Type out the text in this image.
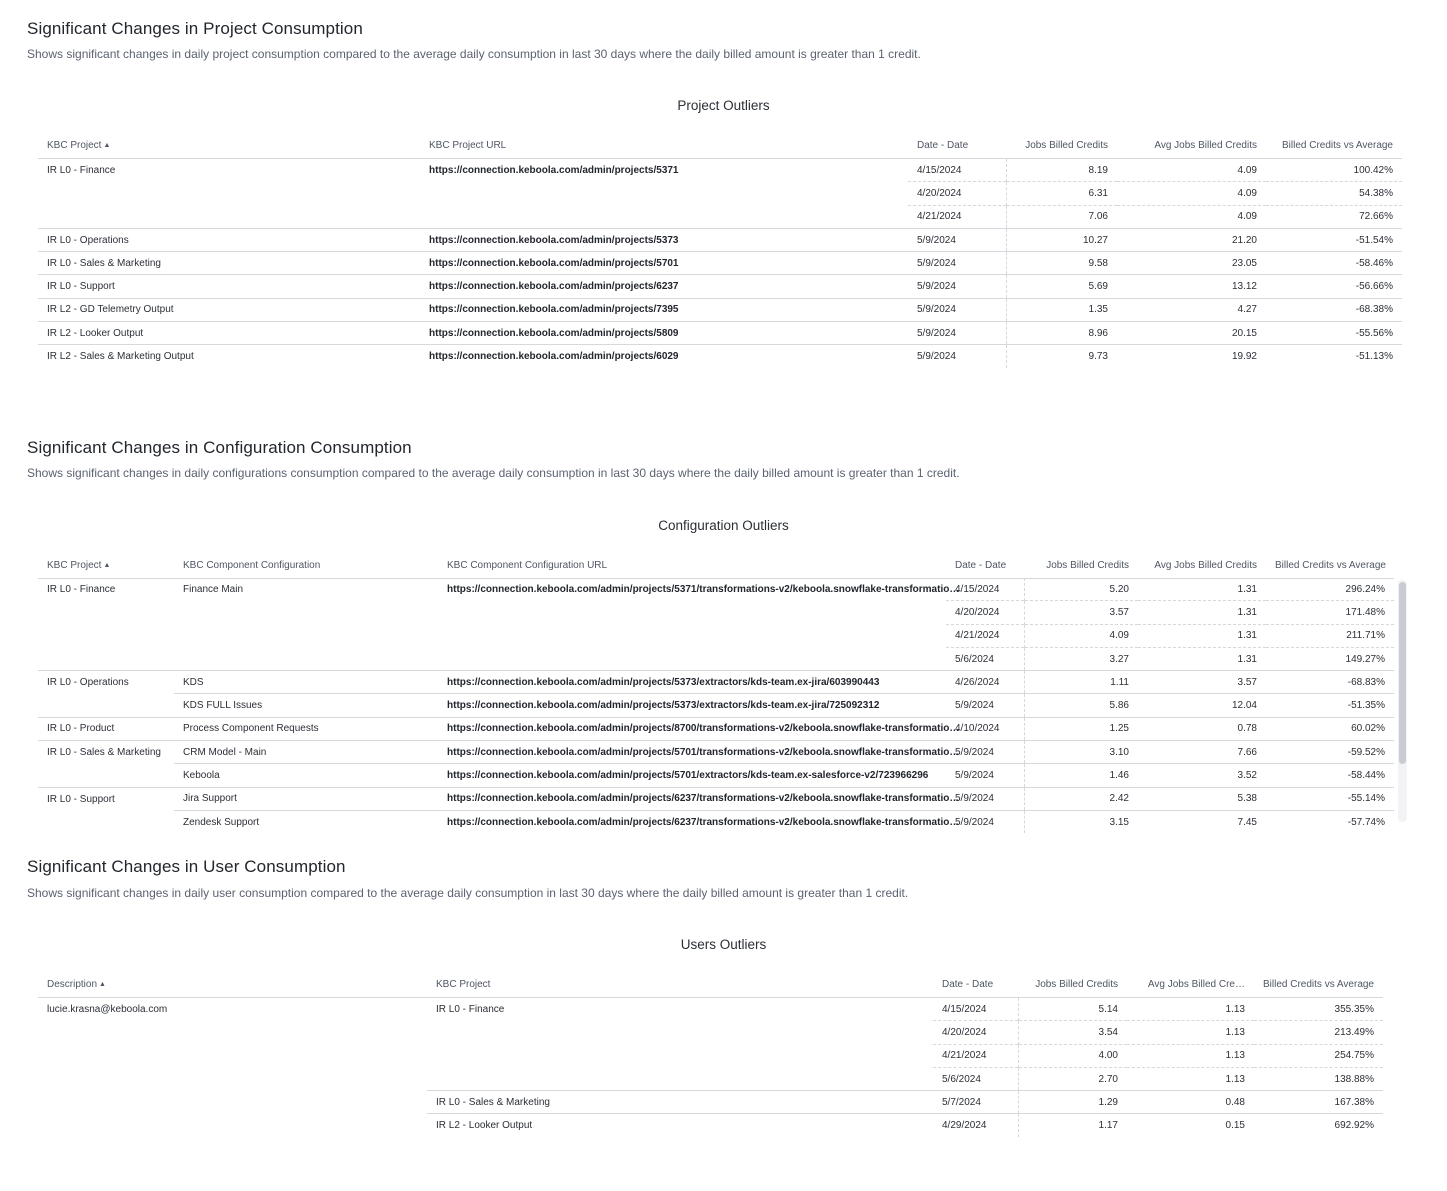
Significant Changes in Project Consumption

Shows significant changes in daily project consumption compared to the average daily consumption in last 30 days where the daily billed amount is greater than 1 credit.

Project Outliers
KBC Project ▲	KBC Project URL	Date - Date	Jobs Billed Credits	Avg Jobs Billed Credits	Billed Credits vs Average
IR L0 - Finance	https://connection.keboola.com/admin/projects/5371	4/15/2024	8.19	4.09	100.42%
		4/20/2024	6.31	4.09	54.38%
		4/21/2024	7.06	4.09	72.66%
IR L0 - Operations	https://connection.keboola.com/admin/projects/5373	5/9/2024	10.27	21.20	-51.54%
IR L0 - Sales & Marketing	https://connection.keboola.com/admin/projects/5701	5/9/2024	9.58	23.05	-58.46%
IR L0 - Support	https://connection.keboola.com/admin/projects/6237	5/9/2024	5.69	13.12	-56.66%
IR L2 - GD Telemetry Output	https://connection.keboola.com/admin/projects/7395	5/9/2024	1.35	4.27	-68.38%
IR L2 - Looker Output	https://connection.keboola.com/admin/projects/5809	5/9/2024	8.96	20.15	-55.56%
IR L2 - Sales & Marketing Output	https://connection.keboola.com/admin/projects/6029	5/9/2024	9.73	19.92	-51.13%
Significant Changes in Configuration Consumption

Shows significant changes in daily configurations consumption compared to the average daily consumption in last 30 days where the daily billed amount is greater than 1 credit.

Configuration Outliers
KBC Project ▲	KBC Component Configuration	KBC Component Configuration URL	Date - Date	Jobs Billed Credits	Avg Jobs Billed Credits	Billed Credits vs Average
IR L0 - Finance	Finance Main	https://connection.keboola.com/admin/projects/5371/transformations-v2/keboola.snowflake-transformatio…	4/15/2024	5.20	1.31	296.24%
			4/20/2024	3.57	1.31	171.48%
			4/21/2024	4.09	1.31	211.71%
			5/6/2024	3.27	1.31	149.27%
IR L0 - Operations	KDS	https://connection.keboola.com/admin/projects/5373/extractors/kds-team.ex-jira/603990443	4/26/2024	1.11	3.57	-68.83%
	KDS FULL Issues	https://connection.keboola.com/admin/projects/5373/extractors/kds-team.ex-jira/725092312	5/9/2024	5.86	12.04	-51.35%
IR L0 - Product	Process Component Requests	https://connection.keboola.com/admin/projects/8700/transformations-v2/keboola.snowflake-transformatio…	4/10/2024	1.25	0.78	60.02%
IR L0 - Sales & Marketing	CRM Model - Main	https://connection.keboola.com/admin/projects/5701/transformations-v2/keboola.snowflake-transformatio…	5/9/2024	3.10	7.66	-59.52%
	Keboola	https://connection.keboola.com/admin/projects/5701/extractors/kds-team.ex-salesforce-v2/723966296	5/9/2024	1.46	3.52	-58.44%
IR L0 - Support	Jira Support	https://connection.keboola.com/admin/projects/6237/transformations-v2/keboola.snowflake-transformatio…	5/9/2024	2.42	5.38	-55.14%
	Zendesk Support	https://connection.keboola.com/admin/projects/6237/transformations-v2/keboola.snowflake-transformatio…	5/9/2024	3.15	7.45	-57.74%
Significant Changes in User Consumption

Shows significant changes in daily user consumption compared to the average daily consumption in last 30 days where the daily billed amount is greater than 1 credit.

Users Outliers
Description ▲	KBC Project	Date - Date	Jobs Billed Credits	Avg Jobs Billed Cre…	Billed Credits vs Average
lucie.krasna@keboola.com	IR L0 - Finance	4/15/2024	5.14	1.13	355.35%
		4/20/2024	3.54	1.13	213.49%
		4/21/2024	4.00	1.13	254.75%
		5/6/2024	2.70	1.13	138.88%
	IR L0 - Sales & Marketing	5/7/2024	1.29	0.48	167.38%
	IR L2 - Looker Output	4/29/2024	1.17	0.15	692.92%
